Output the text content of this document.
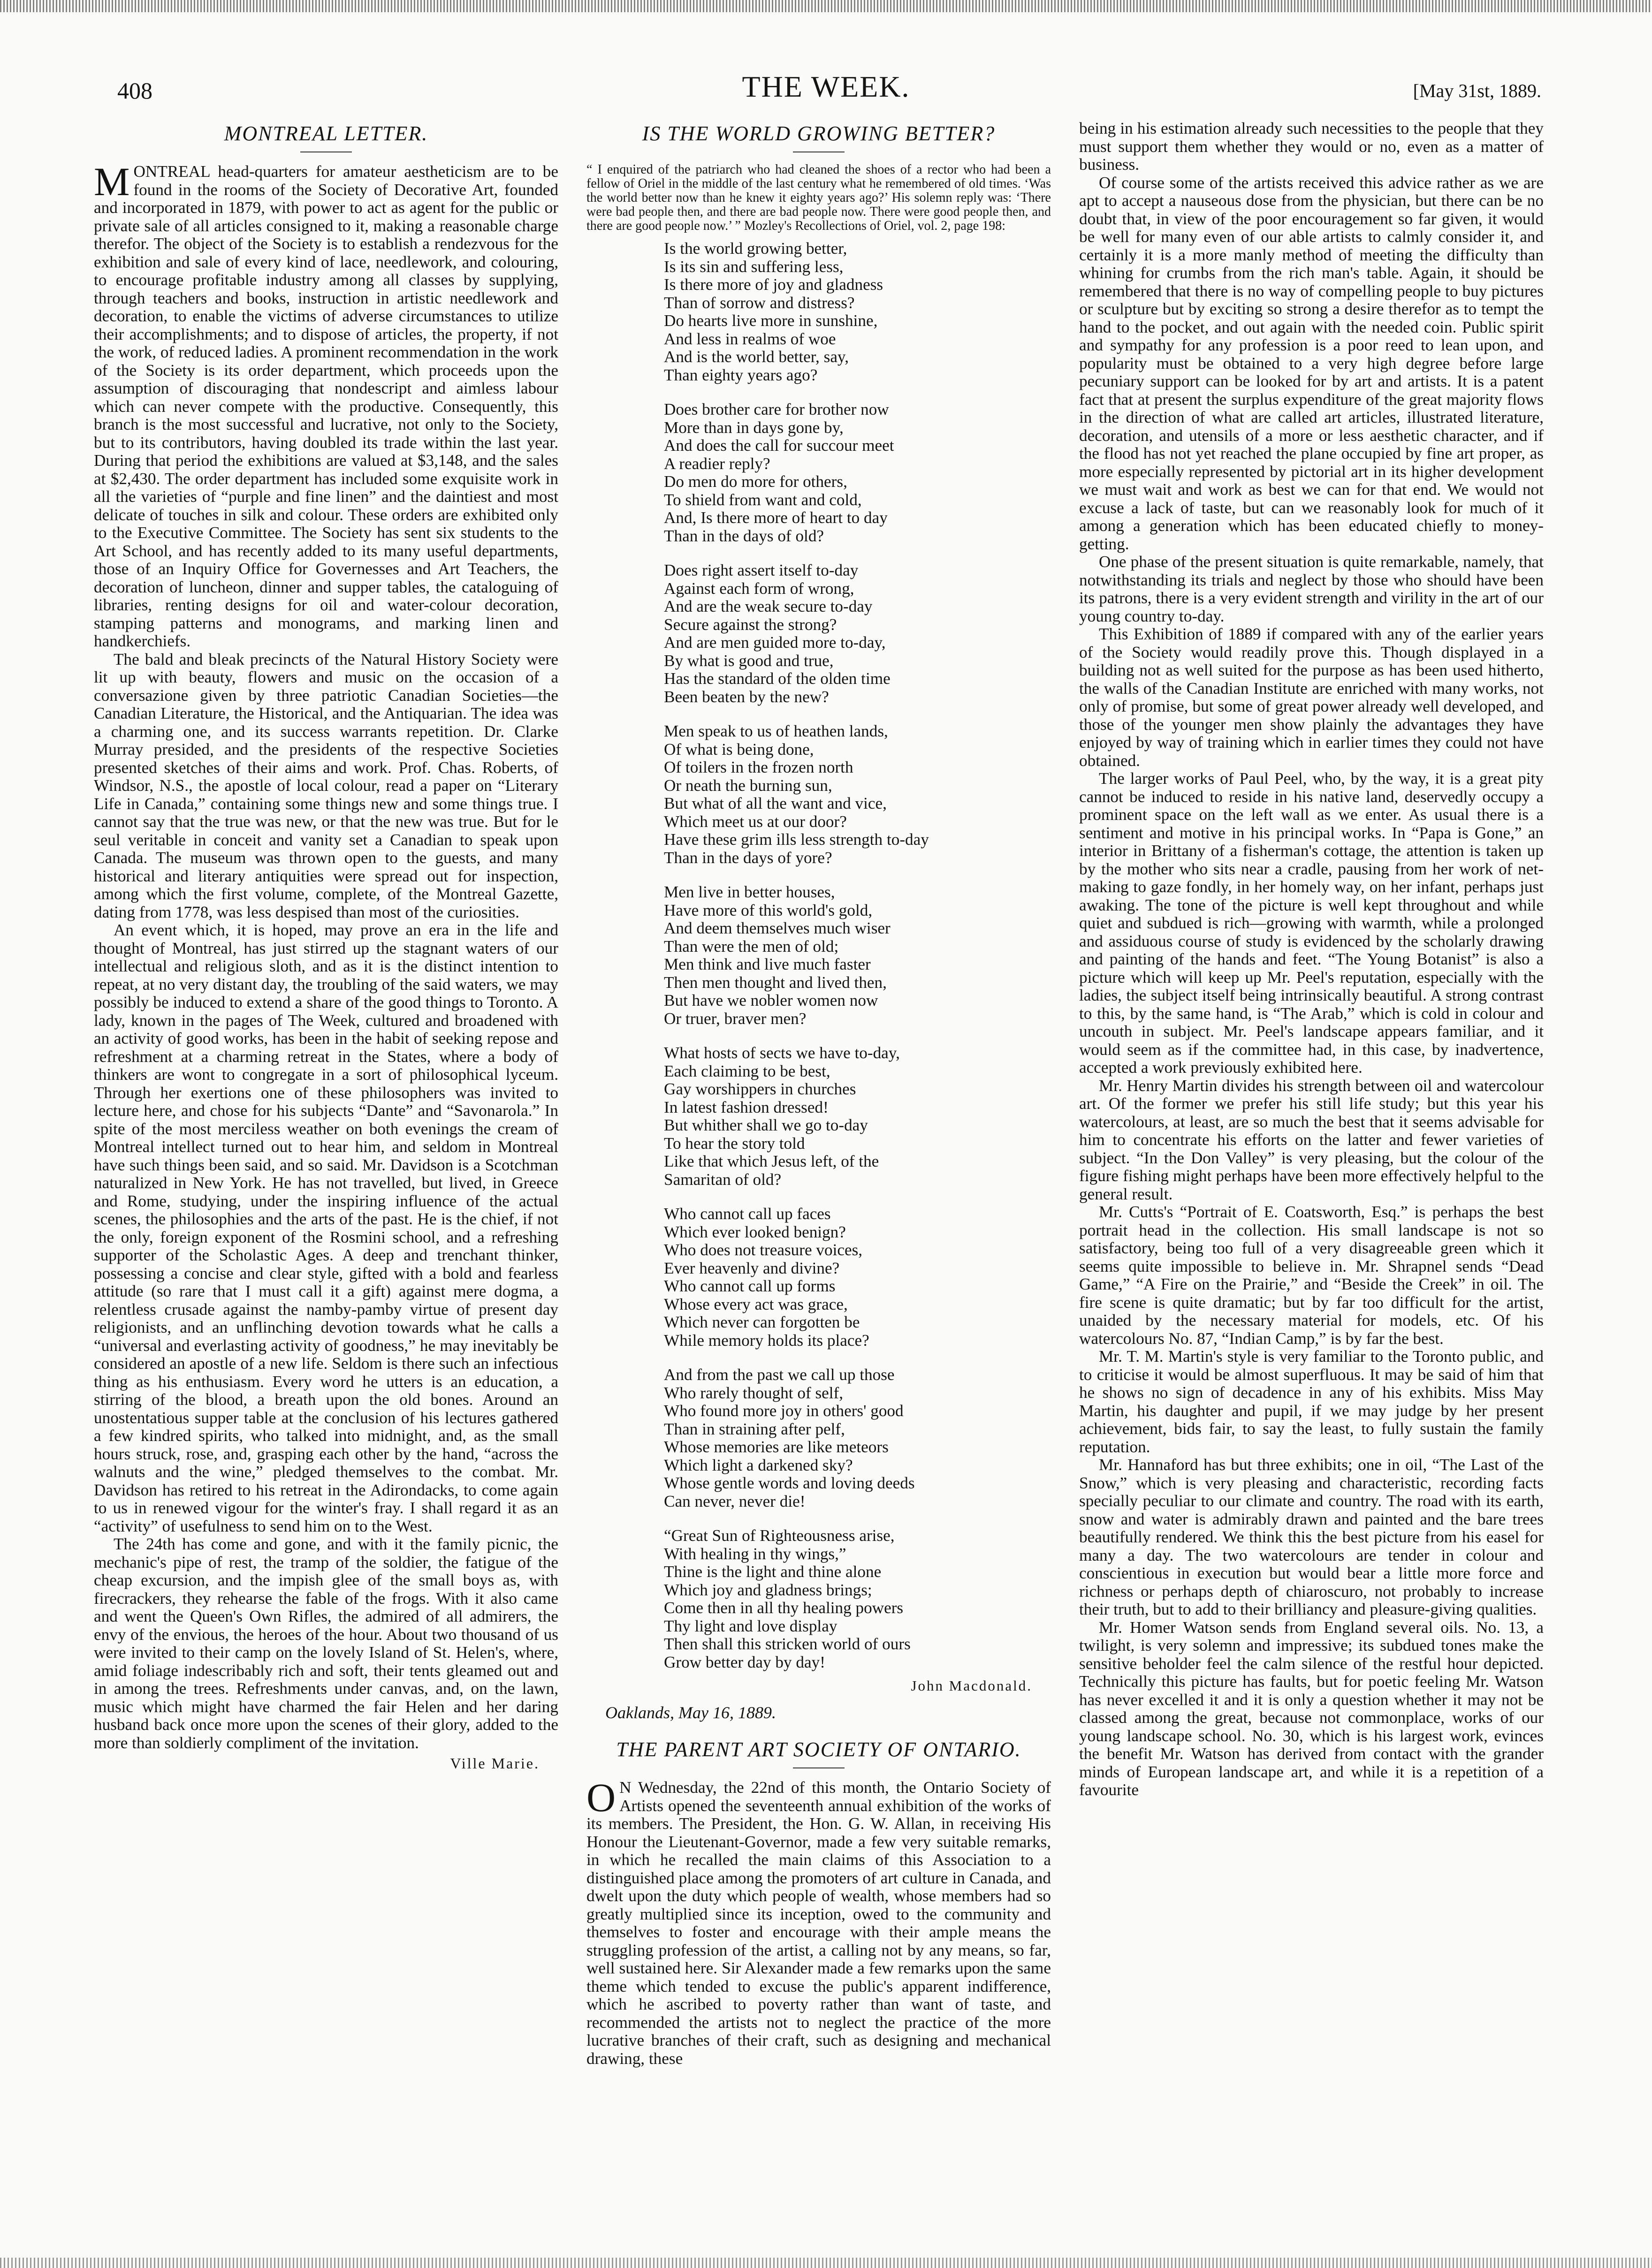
408	THE WEEK.	[May 31st, 1889.
MONTREAL LETTER.

MONTREAL head-quarters for amateur aestheticism are to be found in the rooms of the Society of Decorative Art, founded and incorporated in 1879, with power to act as agent for the public or private sale of all articles consigned to it, making a reasonable charge therefor. The object of the Society is to establish a rendezvous for the exhibition and sale of every kind of lace, needlework, and colouring, to encourage profitable industry among all classes by supplying, through teachers and books, instruction in artistic needlework and decoration, to enable the victims of adverse circumstances to utilize their accomplishments; and to dispose of articles, the property, if not the work, of reduced ladies. A prominent recommendation in the work of the Society is its order department, which proceeds upon the assumption of discouraging that nondescript and aimless labour which can never compete with the productive. Consequently, this branch is the most successful and lucrative, not only to the Society, but to its contributors, having doubled its trade within the last year. During that period the exhibitions are valued at $3,148, and the sales at $2,430. The order department has included some exquisite work in all the varieties of “purple and fine linen” and the daintiest and most delicate of touches in silk and colour. These orders are exhibited only to the Executive Committee. The Society has sent six students to the Art School, and has recently added to its many useful departments, those of an Inquiry Office for Governesses and Art Teachers, the decoration of luncheon, dinner and supper tables, the cataloguing of libraries, renting designs for oil and water-colour decoration, stamping patterns and monograms, and marking linen and handkerchiefs.

The bald and bleak precincts of the Natural History Society were lit up with beauty, flowers and music on the occasion of a conversazione given by three patriotic Canadian Societies—the Canadian Literature, the Historical, and the Antiquarian. The idea was a charming one, and its success warrants repetition. Dr. Clarke Murray presided, and the presidents of the respective Societies presented sketches of their aims and work. Prof. Chas. Roberts, of Windsor, N.S., the apostle of local colour, read a paper on “Literary Life in Canada,” containing some things new and some things true. I cannot say that the true was new, or that the new was true. But for le seul veritable in conceit and vanity set a Canadian to speak upon Canada. The museum was thrown open to the guests, and many historical and literary antiquities were spread out for inspection, among which the first volume, complete, of the Montreal Gazette, dating from 1778, was less despised than most of the curiosities.

An event which, it is hoped, may prove an era in the life and thought of Montreal, has just stirred up the stagnant waters of our intellectual and religious sloth, and as it is the distinct intention to repeat, at no very distant day, the troubling of the said waters, we may possibly be induced to extend a share of the good things to Toronto. A lady, known in the pages of The Week, cultured and broadened with an activity of good works, has been in the habit of seeking repose and refreshment at a charming retreat in the States, where a body of thinkers are wont to congregate in a sort of philosophical lyceum. Through her exertions one of these philosophers was invited to lecture here, and chose for his subjects “Dante” and “Savonarola.” In spite of the most merciless weather on both evenings the cream of Montreal intellect turned out to hear him, and seldom in Montreal have such things been said, and so said. Mr. Davidson is a Scotchman naturalized in New York. He has not travelled, but lived, in Greece and Rome, studying, under the inspiring influence of the actual scenes, the philosophies and the arts of the past. He is the chief, if not the only, foreign exponent of the Rosmini school, and a refreshing supporter of the Scholastic Ages. A deep and trenchant thinker, possessing a concise and clear style, gifted with a bold and fearless attitude (so rare that I must call it a gift) against mere dogma, a relentless crusade against the namby-pamby virtue of present day religionists, and an unflinching devotion towards what he calls a “universal and everlasting activity of goodness,” he may inevitably be considered an apostle of a new life. Seldom is there such an infectious thing as his enthusiasm. Every word he utters is an education, a stirring of the blood, a breath upon the old bones. Around an unostentatious supper table at the conclusion of his lectures gathered a few kindred spirits, who talked into midnight, and, as the small hours struck, rose, and, grasping each other by the hand, “across the walnuts and the wine,” pledged themselves to the combat. Mr. Davidson has retired to his retreat in the Adirondacks, to come again to us in renewed vigour for the winter's fray. I shall regard it as an “activity” of usefulness to send him on to the West.

The 24th has come and gone, and with it the family picnic, the mechanic's pipe of rest, the tramp of the soldier, the fatigue of the cheap excursion, and the impish glee of the small boys as, with firecrackers, they rehearse the fable of the frogs. With it also came and went the Queen's Own Rifles, the admired of all admirers, the envy of the envious, the heroes of the hour. About two thousand of us were invited to their camp on the lovely Island of St. Helen's, where, amid foliage indescribably rich and soft, their tents gleamed out and in among the trees. Refreshments under canvas, and, on the lawn, music which might have charmed the fair Helen and her daring husband back once more upon the scenes of their glory, added to the more than soldierly compliment of the invitation.

Ville Marie.
IS THE WORLD GROWING BETTER?
“ I enquired of the patriarch who had cleaned the shoes of a rector who had been a fellow of Oriel in the middle of the last century what he remembered of old times. ‘Was the world better now than he knew it eighty years ago?’ His solemn reply was: ‘There were bad people then, and there are bad people now. There were good people then, and there are good people now.’ ” Mozley's Recollections of Oriel, vol. 2, page 198:
Is the world growing better,
Is its sin and suffering less,
Is there more of joy and gladness
Than of sorrow and distress?
Do hearts live more in sunshine,
And less in realms of woe
And is the world better, say,
Than eighty years ago?
Does brother care for brother now
More than in days gone by,
And does the call for succour meet
A readier reply?
Do men do more for others,
To shield from want and cold,
And, Is there more of heart to day
Than in the days of old?
Does right assert itself to-day
Against each form of wrong,
And are the weak secure to-day
Secure against the strong?
And are men guided more to-day,
By what is good and true,
Has the standard of the olden time
Been beaten by the new?
Men speak to us of heathen lands,
Of what is being done,
Of toilers in the frozen north
Or neath the burning sun,
But what of all the want and vice,
Which meet us at our door?
Have these grim ills less strength to-day
Than in the days of yore?
Men live in better houses,
Have more of this world's gold,
And deem themselves much wiser
Than were the men of old;
Men think and live much faster
Then men thought and lived then,
But have we nobler women now
Or truer, braver men?
What hosts of sects we have to-day,
Each claiming to be best,
Gay worshippers in churches
In latest fashion dressed!
But whither shall we go to-day
To hear the story told
Like that which Jesus left, of the
Samaritan of old?
Who cannot call up faces
Which ever looked benign?
Who does not treasure voices,
Ever heavenly and divine?
Who cannot call up forms
Whose every act was grace,
Which never can forgotten be
While memory holds its place?
And from the past we call up those
Who rarely thought of self,
Who found more joy in others' good
Than in straining after pelf,
Whose memories are like meteors
Which light a darkened sky?
Whose gentle words and loving deeds
Can never, never die!
“Great Sun of Righteousness arise,
With healing in thy wings,”
Thine is the light and thine alone
Which joy and gladness brings;
Come then in all thy healing powers
Thy light and love display
Then shall this stricken world of ours
Grow better day by day!
John Macdonald.
Oaklands, May 16, 1889.
THE PARENT ART SOCIETY OF ONTARIO.

O N Wednesday, the 22nd of this month, the Ontario Society of Artists opened the seventeenth annual exhibition of the works of its members. The President, the Hon. G. W. Allan, in receiving His Honour the Lieutenant-Governor, made a few very suitable remarks, in which he recalled the main claims of this Association to a distinguished place among the promoters of art culture in Canada, and dwelt upon the duty which people of wealth, whose members had so greatly multiplied since its inception, owed to the community and themselves to foster and encourage with their ample means the struggling profession of the artist, a calling not by any means, so far, well sustained here. Sir Alexander made a few remarks upon the same theme which tended to excuse the public's apparent indifference, which he ascribed to poverty rather than want of taste, and recommended the artists not to neglect the practice of the more lucrative branches of their craft, such as designing and mechanical drawing, these

being in his estimation already such necessities to the people that they must support them whether they would or no, even as a matter of business.

Of course some of the artists received this advice rather as we are apt to accept a nauseous dose from the physician, but there can be no doubt that, in view of the poor encouragement so far given, it would be well for many even of our able artists to calmly consider it, and certainly it is a more manly method of meeting the difficulty than whining for crumbs from the rich man's table. Again, it should be remembered that there is no way of compelling people to buy pictures or sculpture but by exciting so strong a desire therefor as to tempt the hand to the pocket, and out again with the needed coin. Public spirit and sympathy for any profession is a poor reed to lean upon, and popularity must be obtained to a very high degree before large pecuniary support can be looked for by art and artists. It is a patent fact that at present the surplus expenditure of the great majority flows in the direction of what are called art articles, illustrated literature, decoration, and utensils of a more or less aesthetic character, and if the flood has not yet reached the plane occupied by fine art proper, as more especially represented by pictorial art in its higher development we must wait and work as best we can for that end. We would not excuse a lack of taste, but can we reasonably look for much of it among a generation which has been educated chiefly to money-getting.

One phase of the present situation is quite remarkable, namely, that notwithstanding its trials and neglect by those who should have been its patrons, there is a very evident strength and virility in the art of our young country to-day.

This Exhibition of 1889 if compared with any of the earlier years of the Society would readily prove this. Though displayed in a building not as well suited for the purpose as has been used hitherto, the walls of the Canadian Institute are enriched with many works, not only of promise, but some of great power already well developed, and those of the younger men show plainly the advantages they have enjoyed by way of training which in earlier times they could not have obtained.

The larger works of Paul Peel, who, by the way, it is a great pity cannot be induced to reside in his native land, deservedly occupy a prominent space on the left wall as we enter. As usual there is a sentiment and motive in his principal works. In “Papa is Gone,” an interior in Brittany of a fisherman's cottage, the attention is taken up by the mother who sits near a cradle, pausing from her work of net-making to gaze fondly, in her homely way, on her infant, perhaps just awaking. The tone of the picture is well kept throughout and while quiet and subdued is rich—growing with warmth, while a prolonged and assiduous course of study is evidenced by the scholarly drawing and painting of the hands and feet. “The Young Botanist” is also a picture which will keep up Mr. Peel's reputation, especially with the ladies, the subject itself being intrinsically beautiful. A strong contrast to this, by the same hand, is “The Arab,” which is cold in colour and uncouth in subject. Mr. Peel's landscape appears familiar, and it would seem as if the committee had, in this case, by inadvertence, accepted a work previously exhibited here.

Mr. Henry Martin divides his strength between oil and watercolour art. Of the former we prefer his still life study; but this year his watercolours, at least, are so much the best that it seems advisable for him to concentrate his efforts on the latter and fewer varieties of subject. “In the Don Valley” is very pleasing, but the colour of the figure fishing might perhaps have been more effectively helpful to the general result.

Mr. Cutts's “Portrait of E. Coatsworth, Esq.” is perhaps the best portrait head in the collection. His small landscape is not so satisfactory, being too full of a very disagreeable green which it seems quite impossible to believe in. Mr. Shrapnel sends “Dead Game,” “A Fire on the Prairie,” and “Beside the Creek” in oil. The fire scene is quite dramatic; but by far too difficult for the artist, unaided by the necessary material for models, etc. Of his watercolours No. 87, “Indian Camp,” is by far the best.

Mr. T. M. Martin's style is very familiar to the Toronto public, and to criticise it would be almost superfluous. It may be said of him that he shows no sign of decadence in any of his exhibits. Miss May Martin, his daughter and pupil, if we may judge by her present achievement, bids fair, to say the least, to fully sustain the family reputation.

Mr. Hannaford has but three exhibits; one in oil, “The Last of the Snow,” which is very pleasing and characteristic, recording facts specially peculiar to our climate and country. The road with its earth, snow and water is admirably drawn and painted and the bare trees beautifully rendered. We think this the best picture from his easel for many a day. The two watercolours are tender in colour and conscientious in execution but would bear a little more force and richness or perhaps depth of chiaroscuro, not probably to increase their truth, but to add to their brilliancy and pleasure-giving qualities.

Mr. Homer Watson sends from England several oils. No. 13, a twilight, is very solemn and impressive; its subdued tones make the sensitive beholder feel the calm silence of the restful hour depicted. Technically this picture has faults, but for poetic feeling Mr. Watson has never excelled it and it is only a question whether it may not be classed among the great, because not commonplace, works of our young landscape school. No. 30, which is his largest work, evinces the benefit Mr. Watson has derived from contact with the grander minds of European landscape art, and while it is a repetition of a favourite
